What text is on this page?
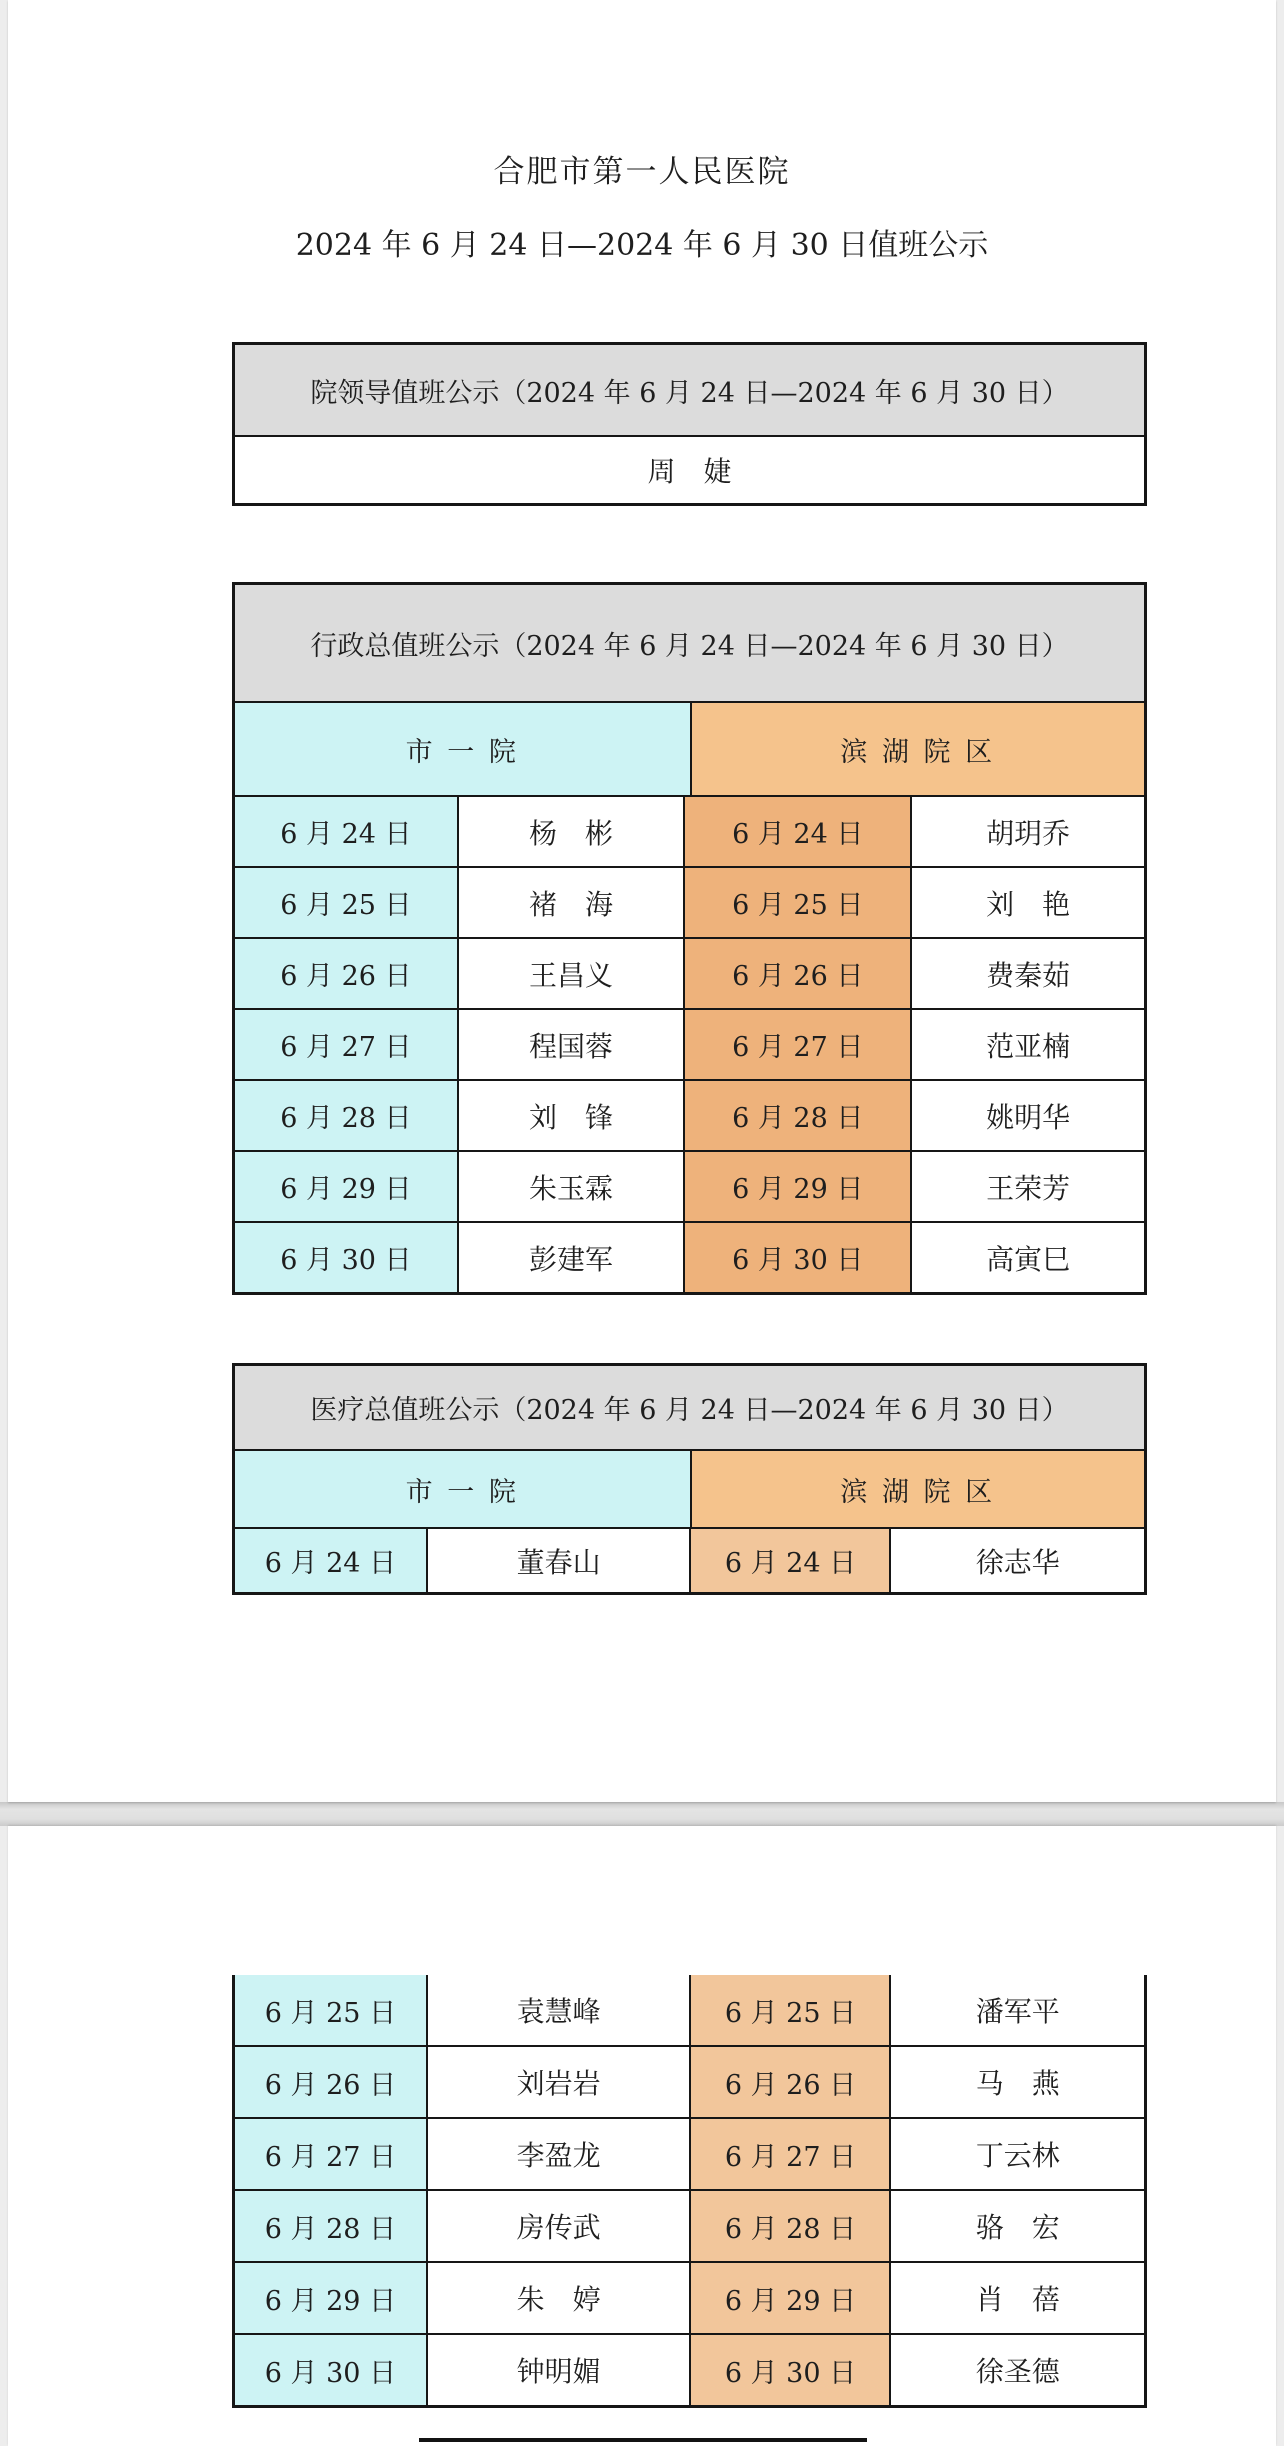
合肥市第一人民医院
2024 年 6 月 24 日—2024 年 6 月 30 日值班公示
院领导值班公示（2024 年 6 月 24 日—2024 年 6 月 30 日）
周　婕
行政总值班公示（2024 年 6 月 24 日—2024 年 6 月 30 日）
市 一 院	滨 湖 院 区
6 月 24 日	杨　彬	6 月 24 日	胡玥乔
6 月 25 日	褚　海	6 月 25 日	刘　艳
6 月 26 日	王昌义	6 月 26 日	费秦茹
6 月 27 日	程国蓉	6 月 27 日	范亚楠
6 月 28 日	刘　锋	6 月 28 日	姚明华
6 月 29 日	朱玉霖	6 月 29 日	王荣芳
6 月 30 日	彭建军	6 月 30 日	高寅巳
医疗总值班公示（2024 年 6 月 24 日—2024 年 6 月 30 日）
市 一 院	滨 湖 院 区
6 月 24 日	董春山	6 月 24 日	徐志华
6 月 25 日	袁慧峰	6 月 25 日	潘军平
6 月 26 日	刘岩岩	6 月 26 日	马　燕
6 月 27 日	李盈龙	6 月 27 日	丁云林
6 月 28 日	房传武	6 月 28 日	骆　宏
6 月 29 日	朱　婷	6 月 29 日	肖　蓓
6 月 30 日	钟明媚	6 月 30 日	徐圣德
